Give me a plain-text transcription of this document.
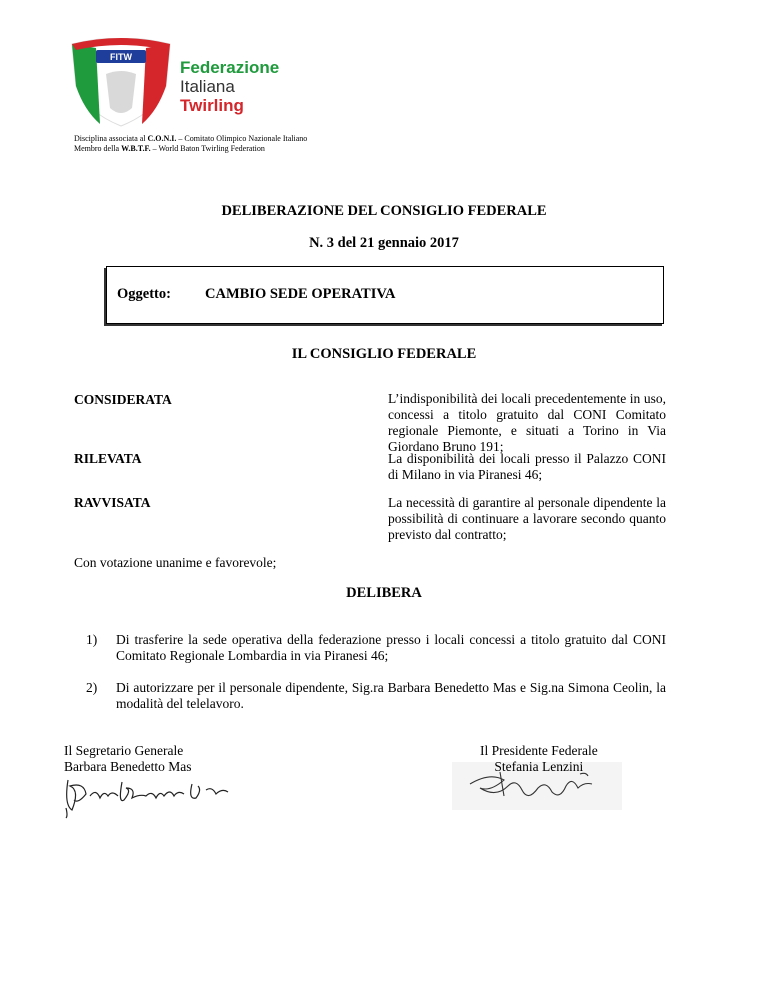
FITW
Federazione
Italiana
Twirling
Disciplina associata al C.O.N.I. – Comitato Olimpico Nazionale Italiano
Membro della W.B.T.F. – World Baton Twirling Federation
DELIBERAZIONE DEL CONSIGLIO FEDERALE
N. 3 del 21 gennaio 2017
Oggetto: CAMBIO SEDE OPERATIVA
IL CONSIGLIO FEDERALE
CONSIDERATA	L’indisponibilità dei locali precedentemente in uso, concessi a titolo gratuito dal CONI Comitato regionale Piemonte, e situati a Torino in Via Giordano Bruno 191;
RILEVATA	La disponibilità dei locali presso il Palazzo CONI di Milano in via Piranesi 46;
RAVVISATA	La necessità di garantire al personale dipendente la possibilità di continuare a lavorare secondo quanto previsto dal contratto;
Con votazione unanime e favorevole;
DELIBERA
1) Di trasferire la sede operativa della federazione presso i locali concessi a titolo gratuito dal CONI Comitato Regionale Lombardia in via Piranesi 46;
2) Di autorizzare per il personale dipendente, Sig.ra Barbara Benedetto Mas e Sig.na Simona Ceolin, la modalità del telelavoro.
Il Segretario Generale
Barbara Benedetto Mas
Il Presidente Federale
Stefania Lenzini
